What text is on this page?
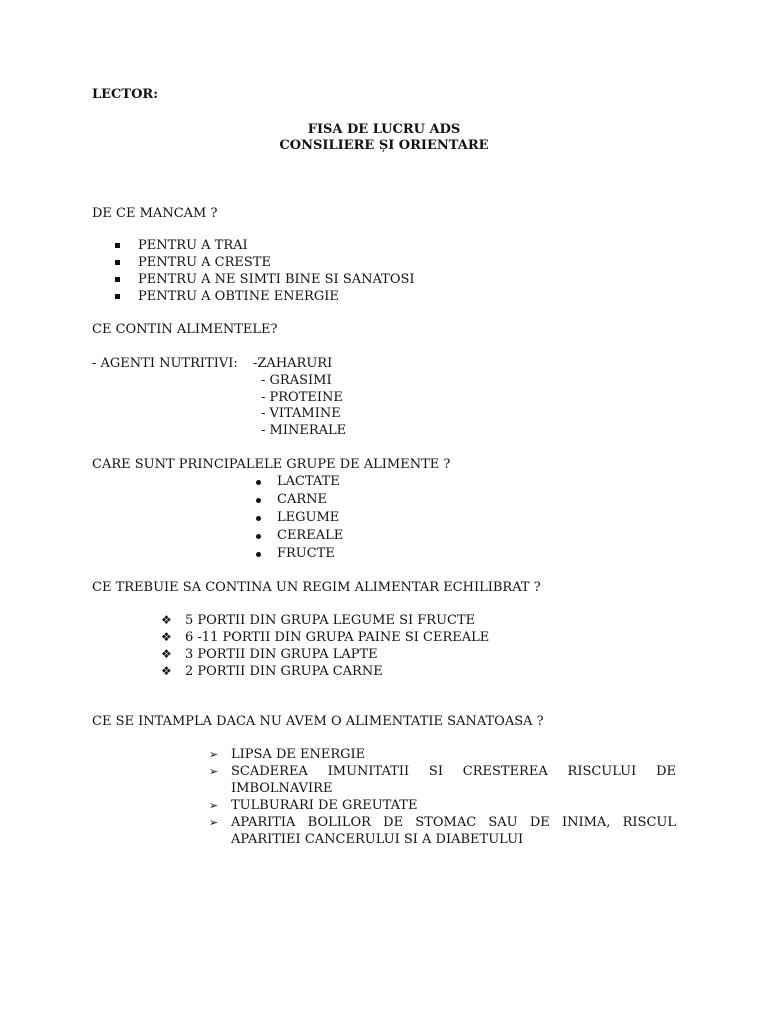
LECTOR:
FISA DE LUCRU ADS
CONSILIERE ȘI ORIENTARE
DE CE MANCAM ?
PENTRU A TRAI
PENTRU A CRESTE
PENTRU A NE SIMTI BINE SI SANATOSI
PENTRU A OBTINE ENERGIE
CE CONTIN ALIMENTELE?
- AGENTI NUTRITIVI: -ZAHARURI
- GRASIMI
- PROTEINE
- VITAMINE
- MINERALE
CARE SUNT PRINCIPALELE GRUPE DE ALIMENTE ?
LACTATE
CARNE
LEGUME
CEREALE
FRUCTE
CE TREBUIE SA CONTINA UN REGIM ALIMENTAR ECHILIBRAT ?
❖ 5 PORTII DIN GRUPA LEGUME SI FRUCTE
❖ 6 -11 PORTII DIN GRUPA PAINE SI CEREALE
❖ 3 PORTII DIN GRUPA LAPTE
❖ 2 PORTII DIN GRUPA CARNE
CE SE INTAMPLA DACA NU AVEM O ALIMENTATIE SANATOASA ?
➢ LIPSA DE ENERGIE
➢ SCADEREA IMUNITATII SI CRESTEREA RISCULUI DE
IMBOLNAVIRE
➢ TULBURARI DE GREUTATE
➢ APARITIA BOLILOR DE STOMAC SAU DE INIMA, RISCUL
APARITIEI CANCERULUI SI A DIABETULUI
